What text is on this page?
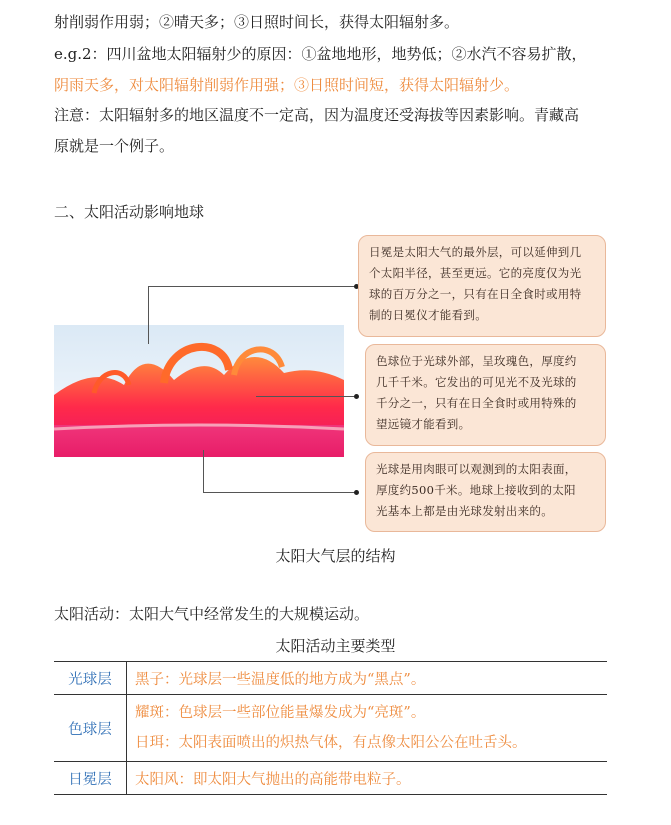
射削弱作用弱；②晴天多；③日照时间长，获得太阳辐射多。
e.g.2：四川盆地太阳辐射少的原因：①盆地地形，地势低；②水汽不容易扩散，
阴雨天多，对太阳辐射削弱作用强；③日照时间短，获得太阳辐射少。
注意：太阳辐射多的地区温度不一定高，因为温度还受海拔等因素影响。青藏高
原就是一个例子。
二、太阳活动影响地球
日冕是太阳大气的最外层，可以延伸到几
个太阳半径，甚至更远。它的亮度仅为光
球的百万分之一，只有在日全食时或用特
制的日冕仪才能看到。
色球位于光球外部，呈玫瑰色，厚度约
几千千米。它发出的可见光不及光球的
千分之一，只有在日全食时或用特殊的
望远镜才能看到。
光球是用肉眼可以观测到的太阳表面，
厚度约500千米。地球上接收到的太阳
光基本上都是由光球发射出来的。
太阳大气层的结构
太阳活动：太阳大气中经常发生的大规模运动。
太阳活动主要类型
光球层	黑子：光球层一些温度低的地方成为“黑点”。
色球层	耀斑：色球层一些部位能量爆发成为“亮斑”。
日珥：太阳表面喷出的炽热气体，有点像太阳公公在吐舌头。

日冕层	太阳风：即太阳大气抛出的高能带电粒子。
